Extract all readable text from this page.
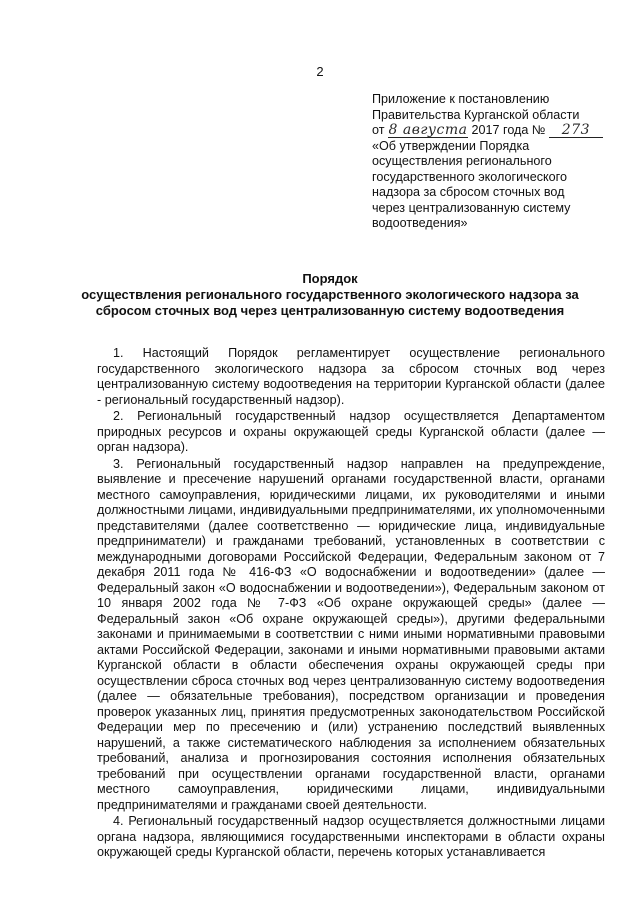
2
Приложение к постановлению
Правительства Курганской области
от 8 августа 2017 года № 273
«Об утверждении Порядка
осуществления регионального
государственного экологического
надзора за сбросом сточных вод
через централизованную систему
водоотведения»
Порядок
осуществления регионального государственного экологического надзора за
сбросом сточных вод через централизованную систему водоотведения

1. Настоящий Порядок регламентирует осуществление регионального государственного экологического надзора за сбросом сточных вод через централизованную систему водоотведения на территории Курганской области (далее - региональный государственный надзор).

2. Региональный государственный надзор осуществляется Департаментом природных ресурсов и охраны окружающей среды Курганской области (далее — орган надзора).

3. Региональный государственный надзор направлен на предупреждение, выявление и пресечение нарушений органами государственной власти, органами местного самоуправления, юридическими лицами, их руководителями и иными должностными лицами, индивидуальными предпринимателями, их уполномоченными представителями (далее соответственно — юридические лица, индивидуальные предприниматели) и гражданами требований, установленных в соответствии с международными договорами Российской Федерации, Федеральным законом от 7 декабря 2011 года № 416-ФЗ «О водоснабжении и водоотведении» (далее — Федеральный закон «О водоснабжении и водоотведении»), Федеральным законом от 10 января 2002 года № 7-ФЗ «Об охране окружающей среды» (далее — Федеральный закон «Об охране окружающей среды»), другими федеральными законами и принимаемыми в соответствии с ними иными нормативными правовыми актами Российской Федерации, законами и иными нормативными правовыми актами Курганской области в области обеспечения охраны окружающей среды при осуществлении сброса сточных вод через централизованную систему водоотведения (далее — обязательные требования), посредством организации и проведения проверок указанных лиц, принятия предусмотренных законодательством Российской Федерации мер по пресечению и (или) устранению последствий выявленных нарушений, а также систематического наблюдения за исполнением обязательных требований, анализа и прогнозирования состояния исполнения обязательных требований при осуществлении органами государственной власти, органами местного самоуправления, юридическими лицами, индивидуальными предпринимателями и гражданами своей деятельности.

4. Региональный государственный надзор осуществляется должностными лицами органа надзора, являющимися государственными инспекторами в области охраны окружающей среды Курганской области, перечень которых устанавливается
